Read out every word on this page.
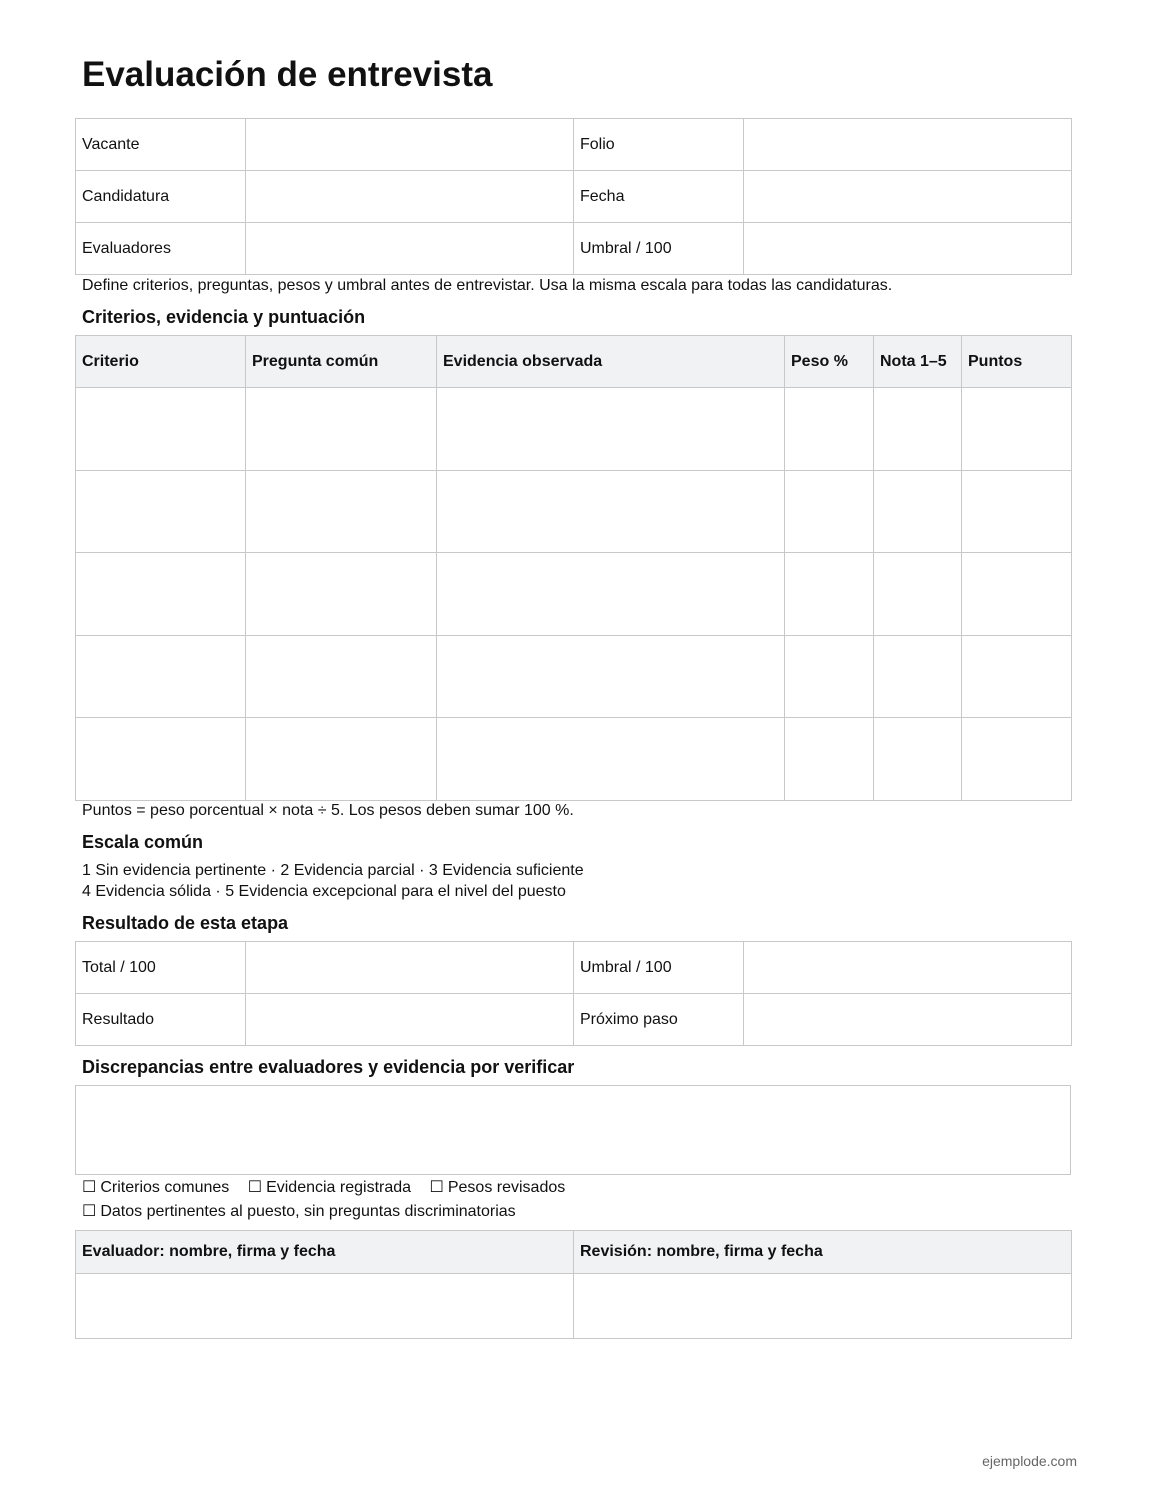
Evaluación de entrevista
Vacante		Folio	
Candidatura		Fecha	
Evaluadores		Umbral / 100	

Define criterios, preguntas, pesos y umbral antes de entrevistar. Usa la misma escala para todas las candidaturas.

Criterios, evidencia y puntuación
Criterio	Pregunta común	Evidencia observada	Peso %	Nota 1–5	Puntos

Puntos = peso porcentual × nota ÷ 5. Los pesos deben sumar 100 %.

Escala común

1 Sin evidencia pertinente · 2 Evidencia parcial · 3 Evidencia suficiente

4 Evidencia sólida · 5 Evidencia excepcional para el nivel del puesto

Resultado de esta etapa
Total / 100		Umbral / 100	
Resultado		Próximo paso	
Discrepancias entre evaluadores y evidencia por verificar
☐ Criterios comunes ☐ Evidencia registrada ☐ Pesos revisados
☐ Datos pertinentes al puesto, sin preguntas discriminatorias
Evaluador: nombre, firma y fecha	Revisión: nombre, firma y fecha

ejemplode.com
